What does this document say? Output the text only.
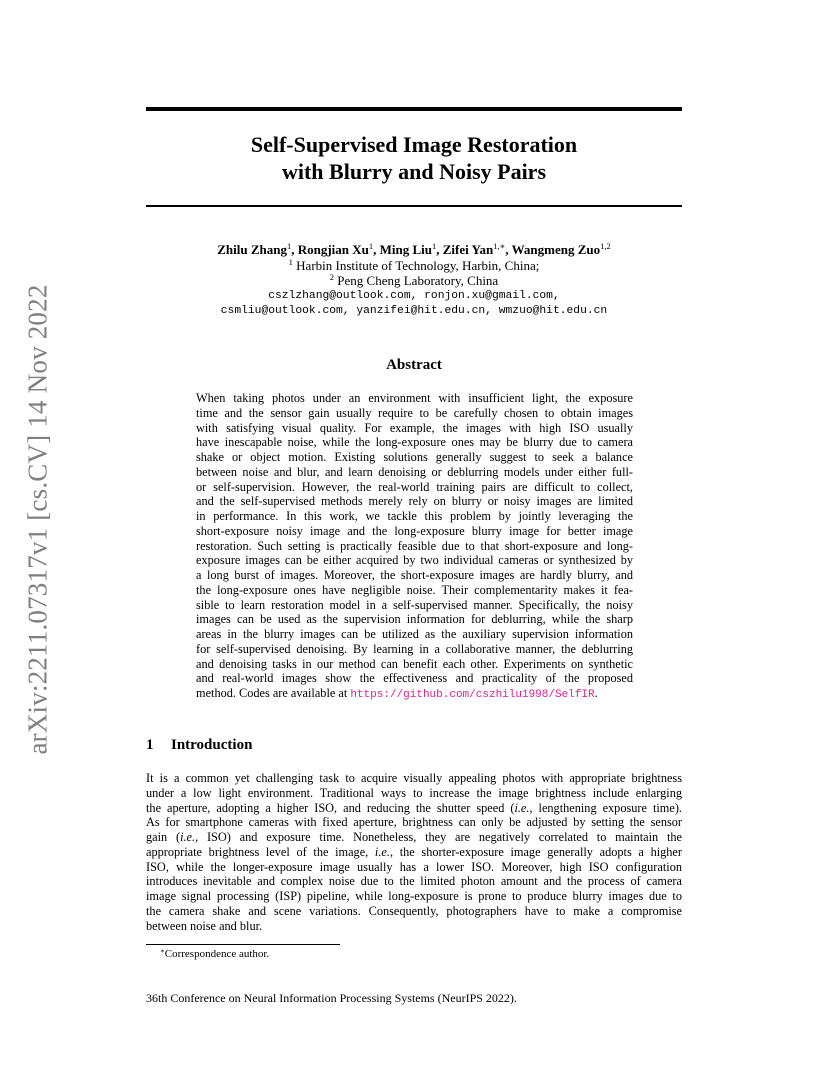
arXiv:2211.07317v1 [cs.CV] 14 Nov 2022
Self-Supervised Image Restoration
with Blurry and Noisy Pairs
Zhilu Zhang$^1$, Rongjian Xu$^1$, Ming Liu$^1$, Zifei Yan$^{1,∗}$, Wangmeng Zuo$^{1,2}$
$^1$ Harbin Institute of Technology, Harbin, China;
$^2$ Peng Cheng Laboratory, China
cszlzhang@outlook.com, ronjon.xu@gmail.com,
csmliu@outlook.com, yanzifei@hit.edu.cn, wmzuo@hit.edu.cn
Abstract
When taking photos under an environment with insufficient light, the exposure
time and the sensor gain usually require to be carefully chosen to obtain images
with satisfying visual quality. For example, the images with high ISO usually
have inescapable noise, while the long-exposure ones may be blurry due to camera
shake or object motion. Existing solutions generally suggest to seek a balance
between noise and blur, and learn denoising or deblurring models under either full-
or self-supervision. However, the real-world training pairs are difficult to collect,
and the self-supervised methods merely rely on blurry or noisy images are limited
in performance. In this work, we tackle this problem by jointly leveraging the
short-exposure noisy image and the long-exposure blurry image for better image
restoration. Such setting is practically feasible due to that short-exposure and long-
exposure images can be either acquired by two individual cameras or synthesized by
a long burst of images. Moreover, the short-exposure images are hardly blurry, and
the long-exposure ones have negligible noise. Their complementarity makes it fea-
sible to learn restoration model in a self-supervised manner. Specifically, the noisy
images can be used as the supervision information for deblurring, while the sharp
areas in the blurry images can be utilized as the auxiliary supervision information
for self-supervised denoising. By learning in a collaborative manner, the deblurring
and denoising tasks in our method can benefit each other. Experiments on synthetic
and real-world images show the effectiveness and practicality of the proposed
method. Codes are available at https://github.com/cszhilu1998/SelfIR.
1 Introduction
It is a common yet challenging task to acquire visually appealing photos with appropriate brightness
under a low light environment. Traditional ways to increase the image brightness include enlarging
the aperture, adopting a higher ISO, and reducing the shutter speed (i.e., lengthening exposure time).
As for smartphone cameras with fixed aperture, brightness can only be adjusted by setting the sensor
gain (i.e., ISO) and exposure time. Nonetheless, they are negatively correlated to maintain the
appropriate brightness level of the image, i.e., the shorter-exposure image generally adopts a higher
ISO, while the longer-exposure image usually has a lower ISO. Moreover, high ISO configuration
introduces inevitable and complex noise due to the limited photon amount and the process of camera
image signal processing (ISP) pipeline, while long-exposure is prone to produce blurry images due to
the camera shake and scene variations. Consequently, photographers have to make a compromise
between noise and blur.
∗Correspondence author.
36th Conference on Neural Information Processing Systems (NeurIPS 2022).
